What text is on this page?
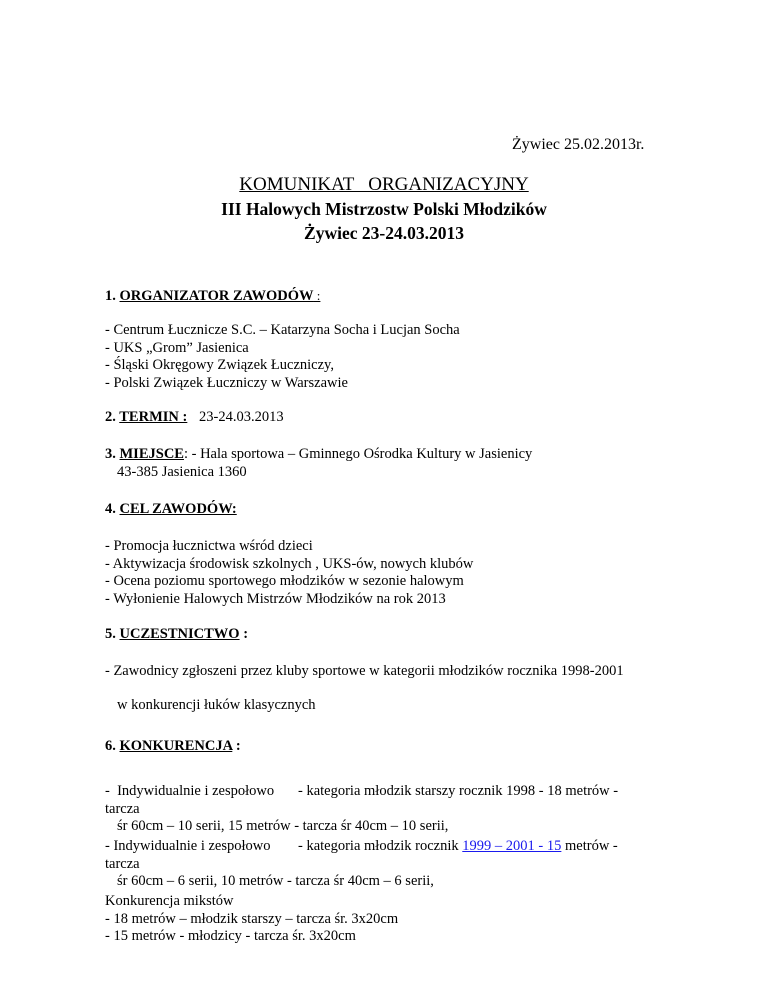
Żywiec 25.02.2013r.
KOMUNIKAT   ORGANIZACYJNY
III Halowych Mistrzostw Polski Młodzików
Żywiec 23-24.03.2013
1. ORGANIZATOR ZAWODÓW :
- Centrum Łucznicze S.C. – Katarzyna Socha i Lucjan Socha
- UKS „Grom” Jasienica
- Śląski Okręgowy Związek Łuczniczy,
- Polski Związek Łuczniczy w Warszawie
2. TERMIN : 23-24.03.2013
3. MIEJSCE: - Hala sportowa – Gminnego Ośrodka Kultury w Jasienicy
43-385 Jasienica 1360
4. CEL ZAWODÓW:
- Promocja łucznictwa wśród dzieci
- Aktywizacja środowisk szkolnych , UKS-ów, nowych klubów
- Ocena poziomu sportowego młodzików w sezonie halowym
- Wyłonienie Halowych Mistrzów Młodzików na rok 2013
5. UCZESTNICTWO :
- Zawodnicy zgłoszeni przez kluby sportowe w kategorii młodzików rocznika 1998-2001
w konkurencji łuków klasycznych
6. KONKURENCJA :
-  Indywidualnie i zespołowo - kategoria młodzik starszy rocznik 1998 - 18 metrów -
tarcza
śr 60cm – 10 serii, 15 metrów - tarcza śr 40cm – 10 serii,
- Indywidualnie i zespołowo - kategoria młodzik rocznik 1999 – 2001 - 15 metrów -
tarcza
śr 60cm – 6 serii, 10 metrów - tarcza śr 40cm – 6 serii,
Konkurencja mikstów
- 18 metrów – młodzik starszy – tarcza śr. 3x20cm
- 15 metrów - młodzicy - tarcza śr. 3x20cm
